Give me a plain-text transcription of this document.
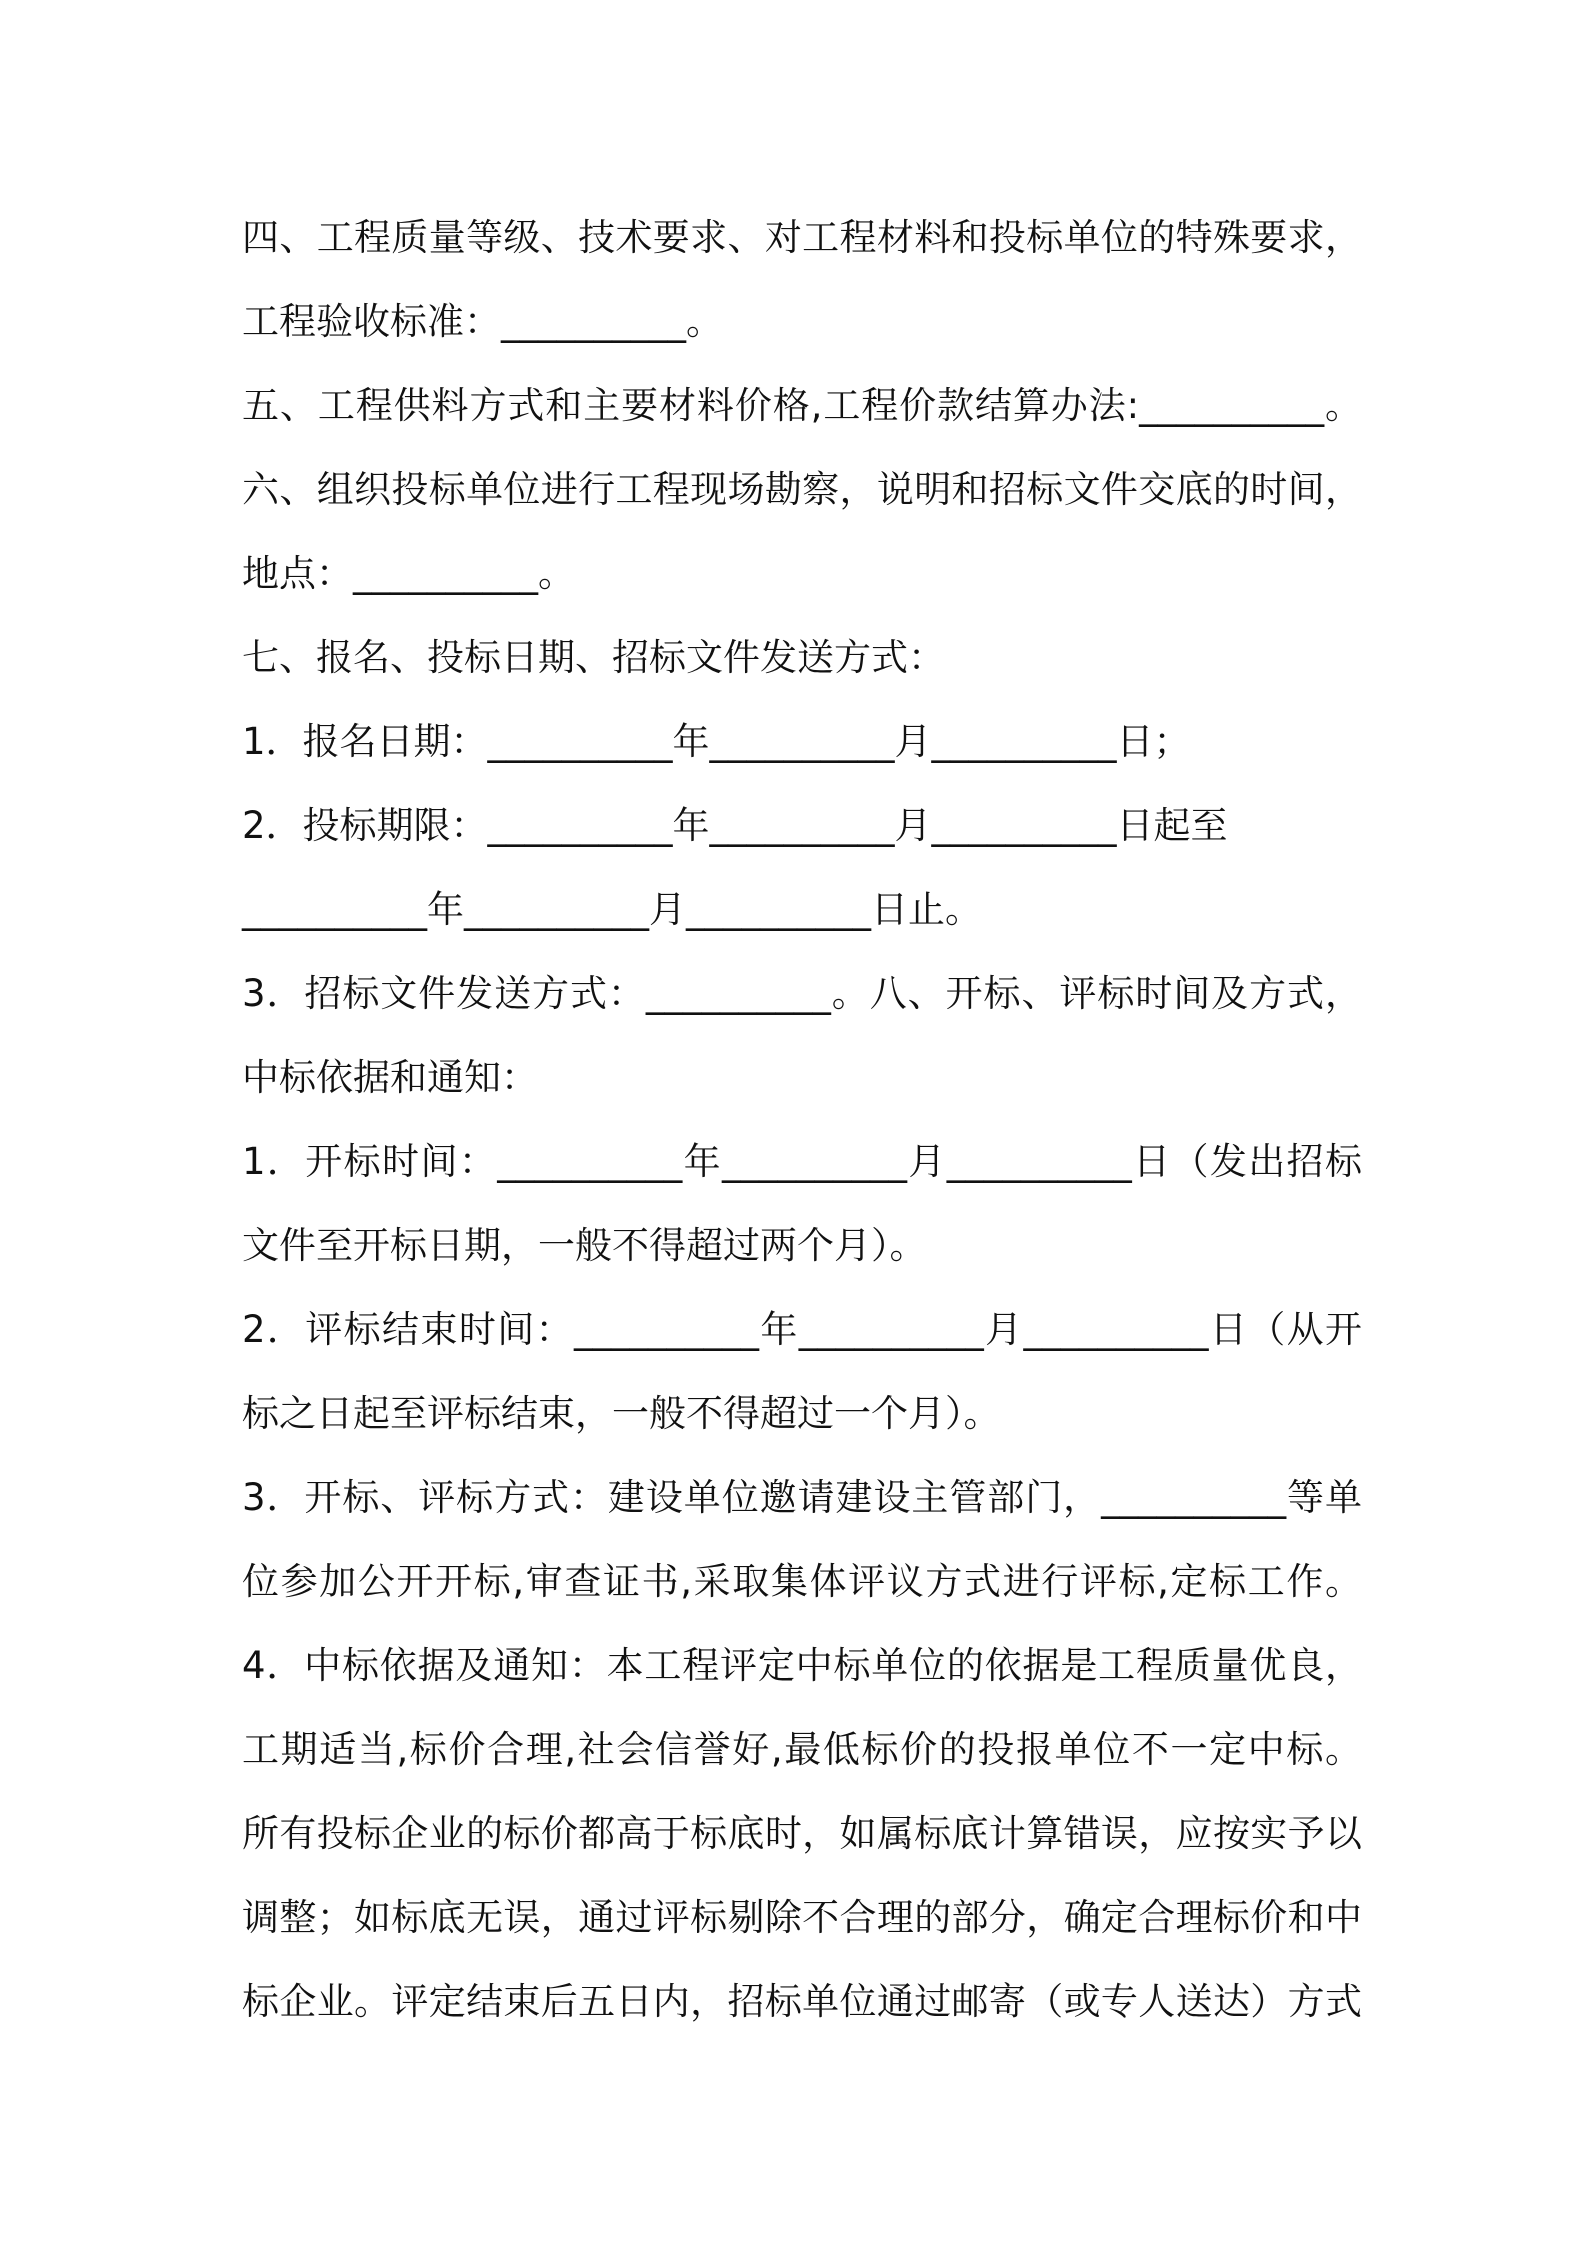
四、工程质量等级、技术要求、对工程材料和投标单位的特殊要求，
工程验收标准：__________。
五、工程供料方式和主要材料价格,工程价款结算办法:__________。
六、组织投标单位进行工程现场勘察，说明和招标文件交底的时间，
地点：__________。
七、报名、投标日期、招标文件发送方式：
1．报名日期：__________年__________月__________日；
2．投标期限：__________年__________月__________日起至
__________年__________月__________日止。
3．招标文件发送方式：__________。八、开标、评标时间及方式，
中标依据和通知：
1．开标时间：__________年__________月__________日（发出招标
文件至开标日期，一般不得超过两个月）。
2．评标结束时间：__________年__________月__________日（从开
标之日起至评标结束，一般不得超过一个月）。
3．开标、评标方式：建设单位邀请建设主管部门，__________等单
位参加公开开标,审查证书,采取集体评议方式进行评标,定标工作。
4．中标依据及通知：本工程评定中标单位的依据是工程质量优良，
工期适当,标价合理,社会信誉好,最低标价的投报单位不一定中标。
所有投标企业的标价都高于标底时，如属标底计算错误，应按实予以
调整；如标底无误，通过评标剔除不合理的部分，确定合理标价和中
标企业。评定结束后五日内，招标单位通过邮寄（或专人送达）方式
